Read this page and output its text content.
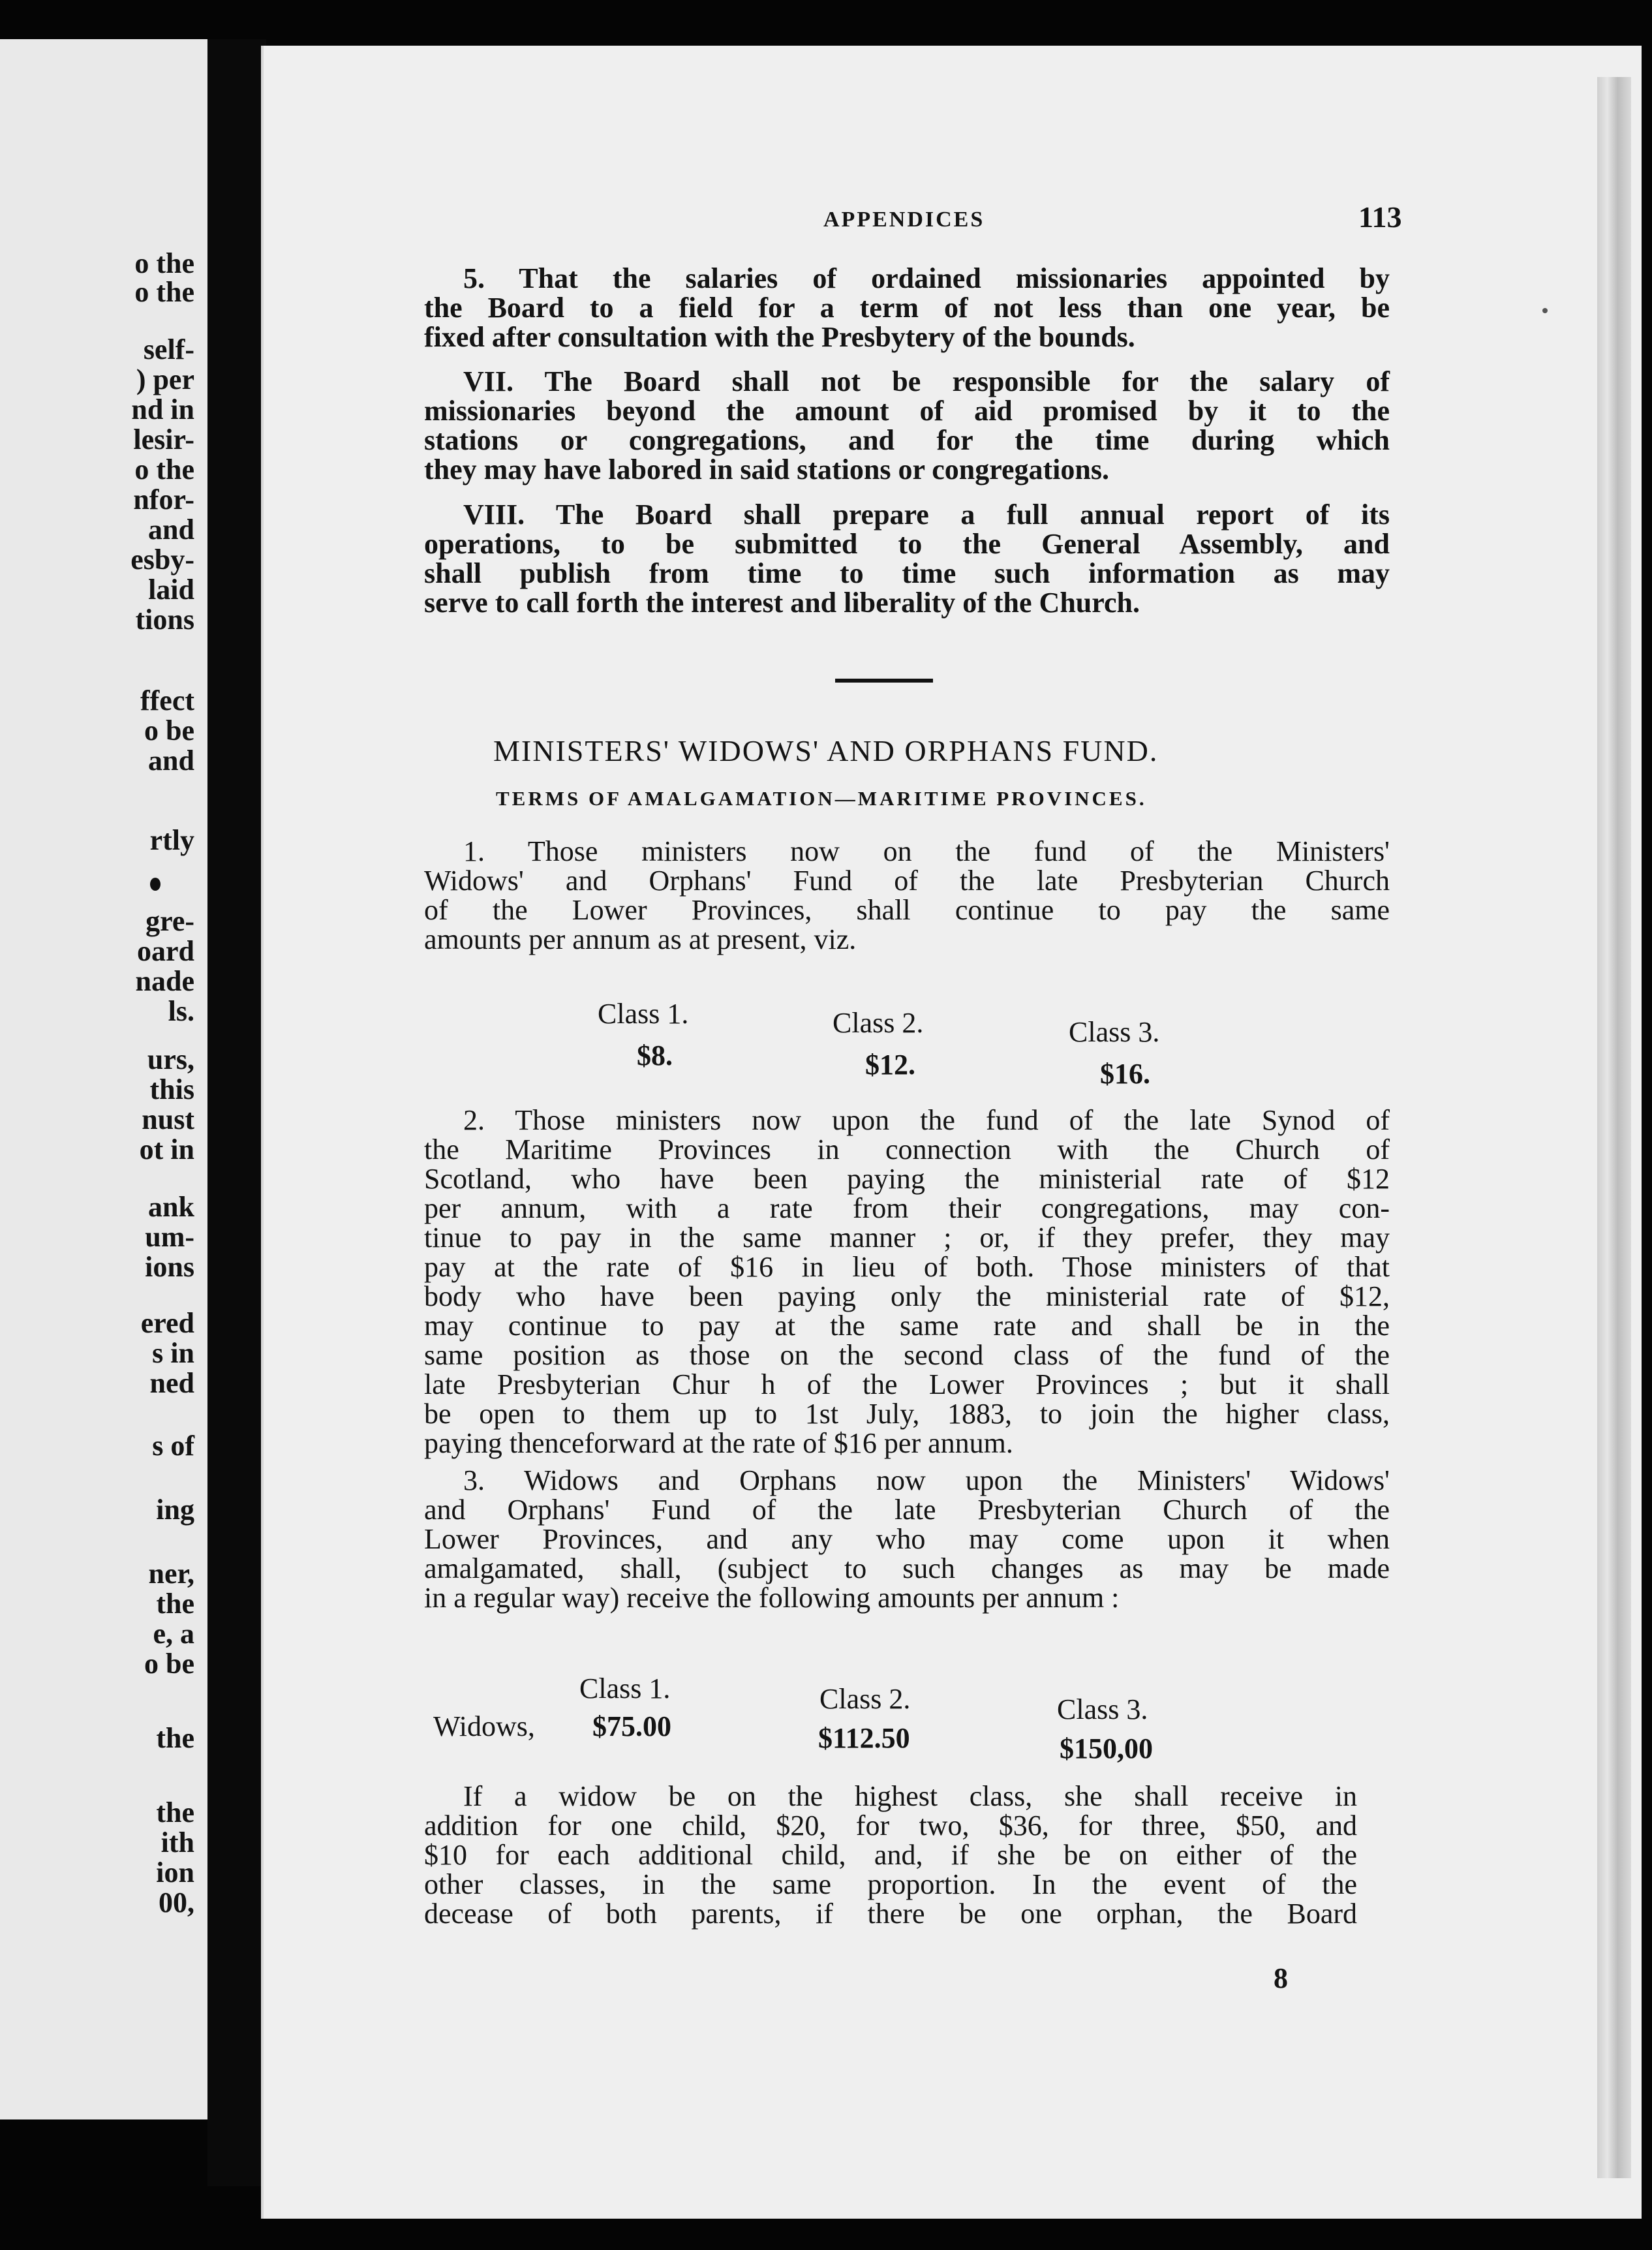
o the
o the
self-
) per
nd in
lesir-
o the
nfor-
and
esby-
laid
tions
ffect
o be
and
rtly
gre-
oard
nade
ls.
urs,
this
nust
ot in
ank
um-
ions
ered
s in
ned
s of
ing
ner,
the
e, a
o be
the
the
ith
ion
00,
APPENDICES	113
5. That the salaries of ordained missionaries appointed by
the Board to a field for a term of not less than one year, be
fixed after consultation with the Presbytery of the bounds.
VII. The Board shall not be responsible for the salary of
missionaries beyond the amount of aid promised by it to the
stations or congregations, and for the time during which
they may have labored in said stations or congregations.
VIII. The Board shall prepare a full annual report of its
operations, to be submitted to the General Assembly, and
shall publish from time to time such information as may
serve to call forth the interest and liberality of the Church.
MINISTERS' WIDOWS' AND ORPHANS FUND.
TERMS OF AMALGAMATION—MARITIME PROVINCES.
1. Those ministers now on the fund of the Ministers'
Widows' and Orphans' Fund of the late Presbyterian Church
of the Lower Provinces, shall continue to pay the same
amounts per annum as at present, viz.
Class 1.	Class 2.	Class 3.
$8.	$12.	$16.
2. Those ministers now upon the fund of the late Synod of
the Maritime Provinces in connection with the Church of
Scotland, who have been paying the ministerial rate of $12
per annum, with a rate from their congregations, may con-
tinue to pay in the same manner ; or, if they prefer, they may
pay at the rate of $16 in lieu of both. Those ministers of that
body who have been paying only the ministerial rate of $12,
may continue to pay at the same rate and shall be in the
same position as those on the second class of the fund of the
late Presbyterian Chur h of the Lower Provinces ; but it shall
be open to them up to 1st July, 1883, to join the higher class,
paying thenceforward at the rate of $16 per annum.
3. Widows and Orphans now upon the Ministers' Widows'
and Orphans' Fund of the late Presbyterian Church of the
Lower Provinces, and any who may come upon it when
amalgamated, shall, (subject to such changes as may be made
in a regular way) receive the following amounts per annum :
Class 1.	Class 2.	Class 3.
Widows, $75.00	$112.50	$150,00
If a widow be on the highest class, she shall receive in
addition for one child, $20, for two, $36, for three, $50, and
$10 for each additional child, and, if she be on either of the
other classes, in the same proportion. In the event of the
decease of both parents, if there be one orphan, the Board
8
